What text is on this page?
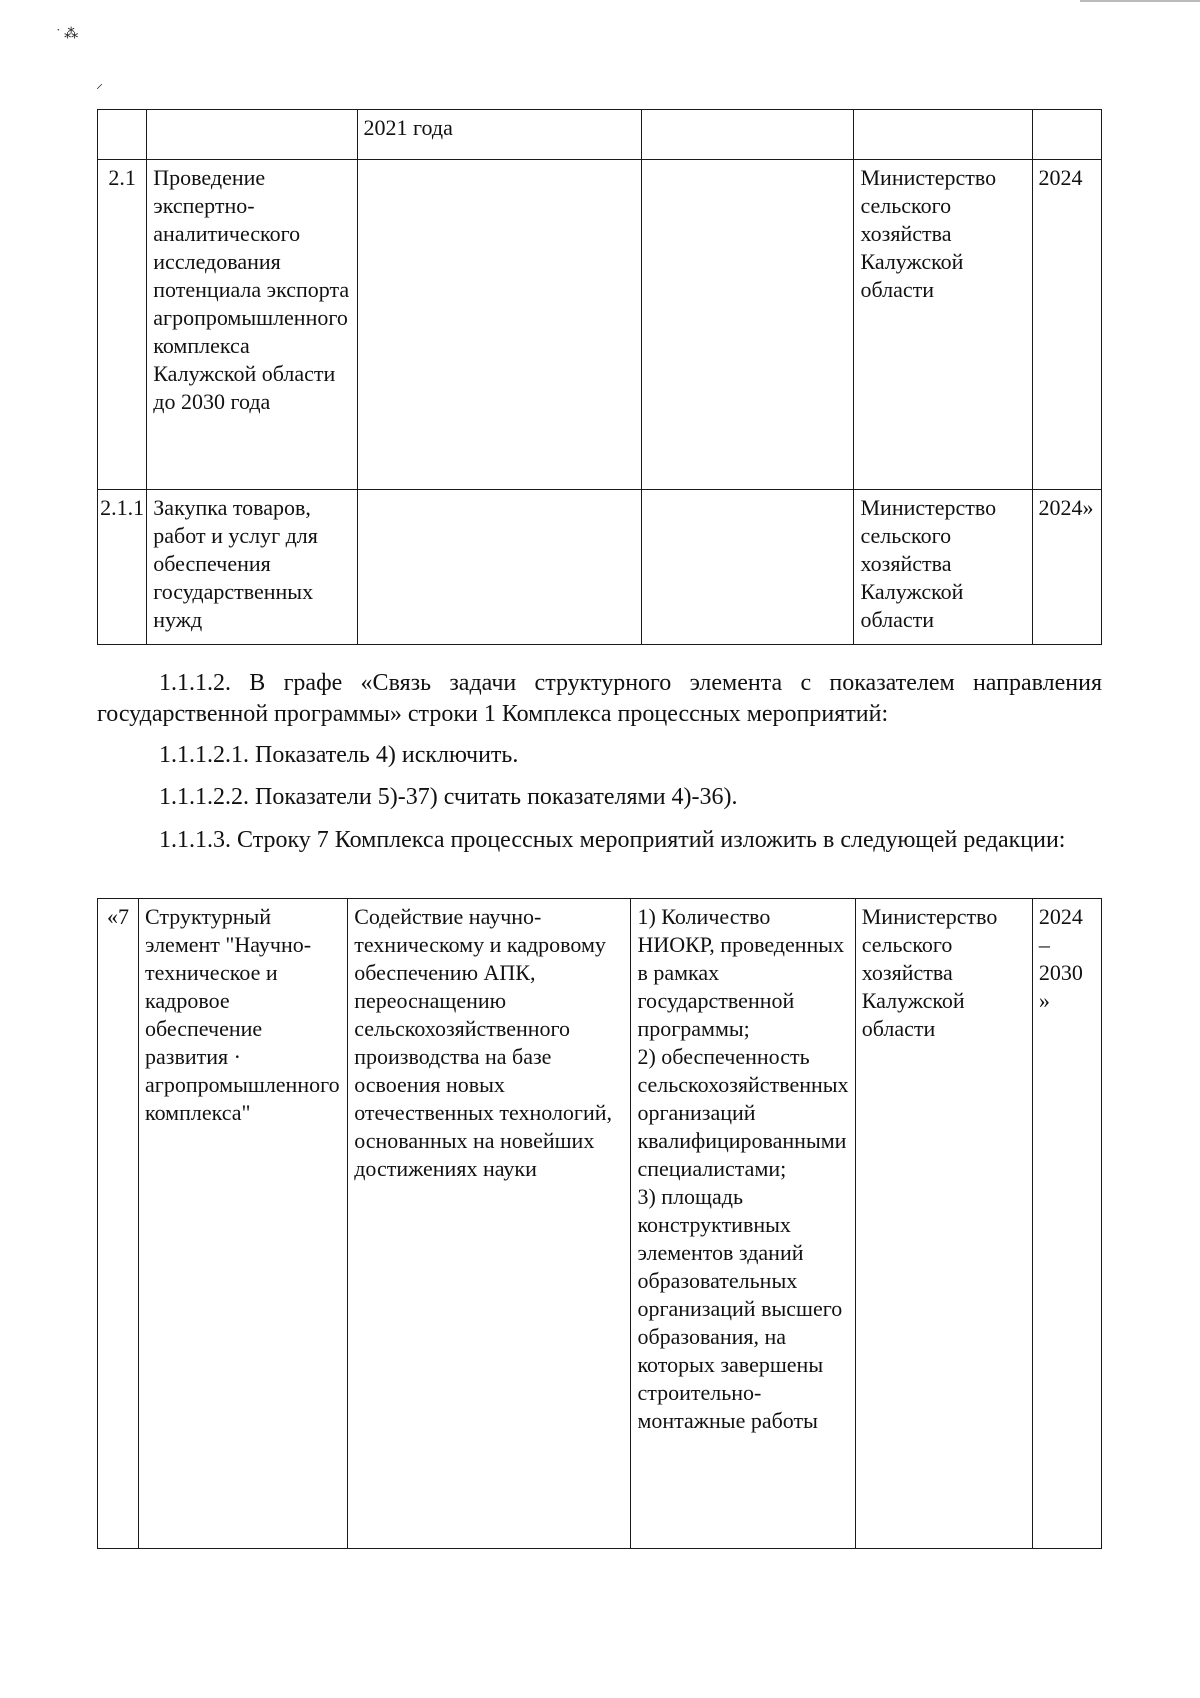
˙ ⁂
⸝
		2021 года			
2.1	Проведение экспертно-аналитического исследования потенциала экспорта агропромышленного комплекса Калужской области до 2030 года			Министерство сельского хозяйства Калужской области	2024
2.1.1	Закупка товаров, работ и услуг для обеспечения государственных нужд			Министерство сельского хозяйства Калужской области	2024»

1.1.1.2. В графе «Связь задачи структурного элемента с показателем направления государственной программы» строки 1 Комплекса процессных мероприятий:

1.1.1.2.1. Показатель 4) исключить.

1.1.1.2.2. Показатели 5)-37) считать показателями 4)-36).

1.1.1.3. Строку 7 Комплекса процессных мероприятий изложить в следующей редакции:

«7	Структурный элемент "Научно-техническое и кадровое обеспечение развития · агропромышленного комплекса"	Содействие научно-техническому и кадровому обеспечению АПК, переоснащению сельскохозяйственного производства на базе освоения новых отечественных технологий, основанных на новейших достижениях науки	1) Количество НИОКР, проведенных в рамках государственной программы;
2) обеспеченность сельскохозяйственных организаций квалифицированными специалистами;
3) площадь конструктивных элементов зданий образовательных организаций высшего образования, на которых завершены строительно-монтажные работы	Министерство сельского хозяйства Калужской области	2024 – 2030 »
